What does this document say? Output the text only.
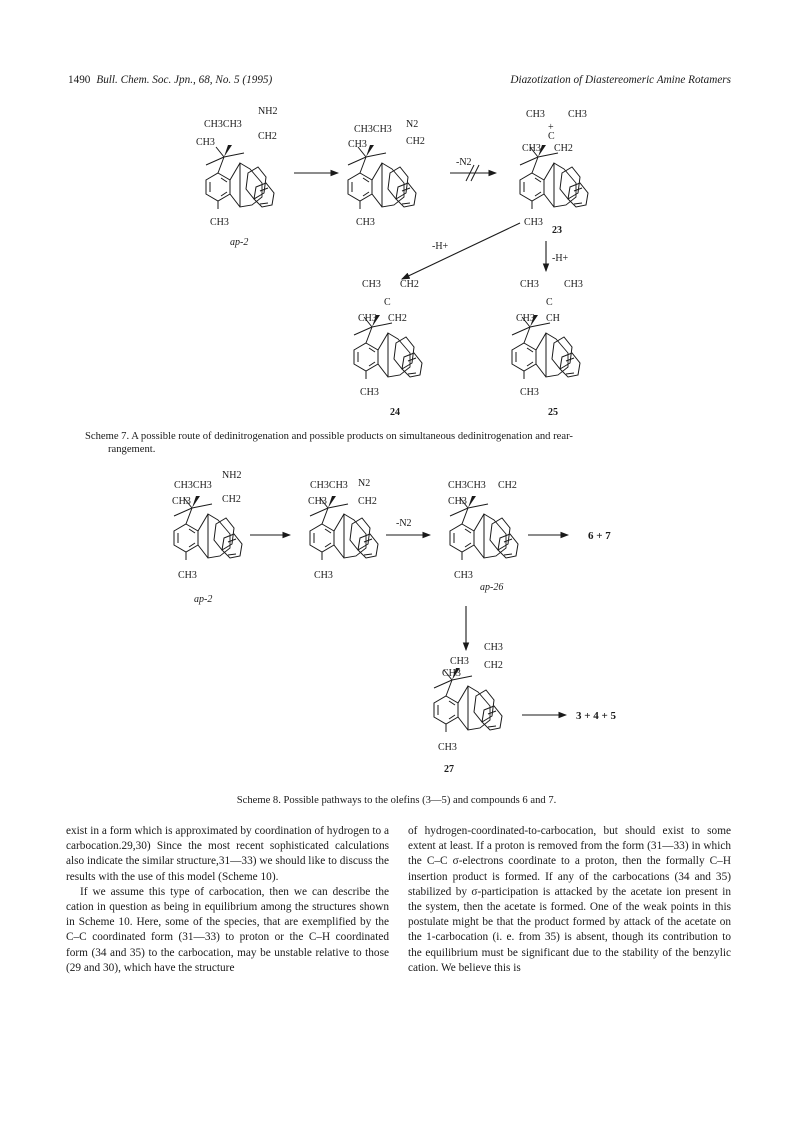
1490 Bull. Chem. Soc. Jpn., 68, No. 5 (1995)	Diazotization of Diastereomeric Amine Rotamers
CH3CH3
NH2
CH2
CH3
CH3
ap-2
CH3CH3 N2
CH2
CH3
CH3
-N2
CH3 CH3
+
C
CH3 CH2
CH3
23
-H+
-H+
CH3 CH2
C
CH3 CH2
CH3
24
CH3	CH3
C
CH3 CH
CH3
25
Scheme 7. A possible route of dedinitrogenation and possible products on simultaneous dedinitrogenation and rear-
rangement.
CH3CH3
NH2
CH2
CH3
CH3
ap-2
CH3CH3 N2
CH2
CH3
CH3
-N2
CH3CH3 CH2
CH3
CH3
ap-26
6 + 7
CH3
CH3 CH2
CH3
CH3
27
3 + 4 + 5
Scheme 8. Possible pathways to the olefins (3—5) and compounds 6 and 7.

exist in a form which is approximated by coordination of hydrogen to a carbocation.29,30) Since the most recent sophisticated calculations also indicate the similar structure,31—33) we should like to discuss the results with the use of this model (Scheme 10).

If we assume this type of carbocation, then we can describe the cation in question as being in equilibrium among the structures shown in Scheme 10. Here, some of the species, that are exemplified by the C–C coordinated form (31—33) to proton or the C–H coordinated form (34 and 35) to the carbocation, may be unstable relative to those (29 and 30), which have the structure

of hydrogen-coordinated-to-carbocation, but should exist to some extent at least. If a proton is removed from the form (31—33) in which the C–C σ-electrons coordinate to a proton, then the formally C–H insertion product is formed. If any of the carbocations (34 and 35) stabilized by σ-participation is attacked by the acetate ion present in the system, then the acetate is formed. One of the weak points in this postulate might be that the product formed by attack of the acetate on the 1-carbocation (i. e. from 35) is absent, though its contribution to the equilibrium must be significant due to the stability of the benzylic cation. We believe this is
